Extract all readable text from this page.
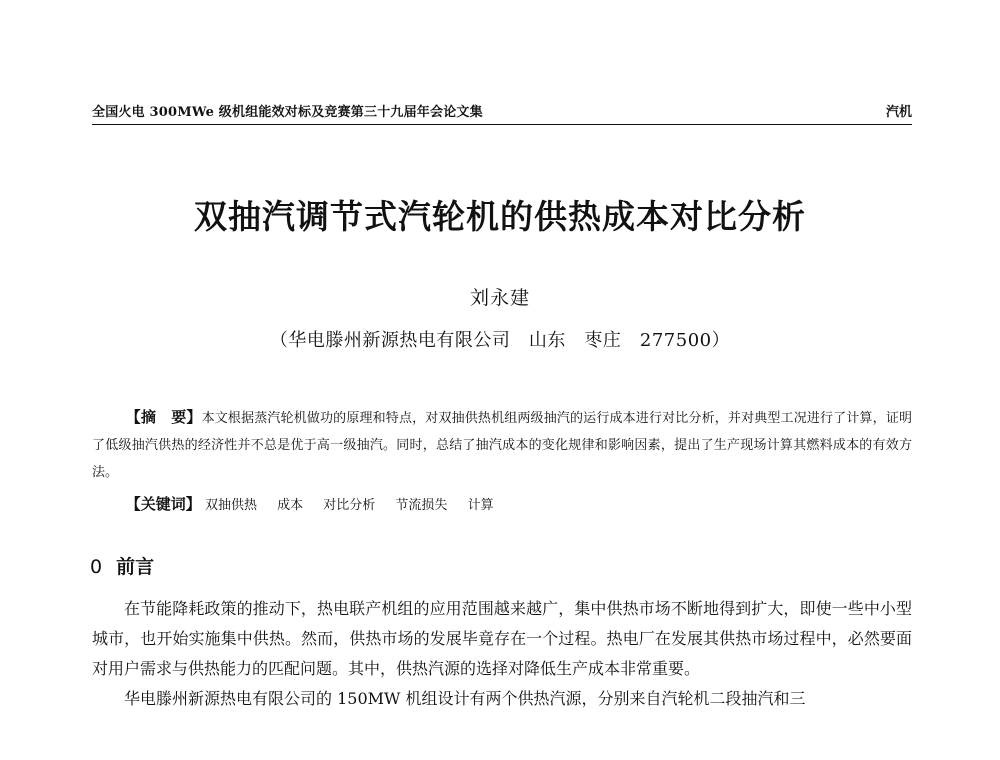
全国火电 300MWe 级机组能效对标及竞赛第三十九届年会论文集	汽机
双抽汽调节式汽轮机的供热成本对比分析
刘永建
（华电滕州新源热电有限公司　山东　枣庄　277500）
【摘　要】本文根据蒸汽轮机做功的原理和特点，对双抽供热机组两级抽汽的运行成本进行对比分析，并对典型工况进行了计算，证明了低级抽汽供热的经济性并不总是优于高一级抽汽。同时，总结了抽汽成本的变化规律和影响因素，提出了生产现场计算其燃料成本的有效方法。
【关键词】 双抽供热 成本 对比分析 节流损失 计算
0 前言

在节能降耗政策的推动下，热电联产机组的应用范围越来越广，集中供热市场不断地得到扩大，即使一些中小型城市，也开始实施集中供热。然而，供热市场的发展毕竟存在一个过程。热电厂在发展其供热市场过程中，必然要面对用户需求与供热能力的匹配问题。其中，供热汽源的选择对降低生产成本非常重要。

华电滕州新源热电有限公司的 150MW 机组设计有两个供热汽源，分别来自汽轮机二段抽汽和三
